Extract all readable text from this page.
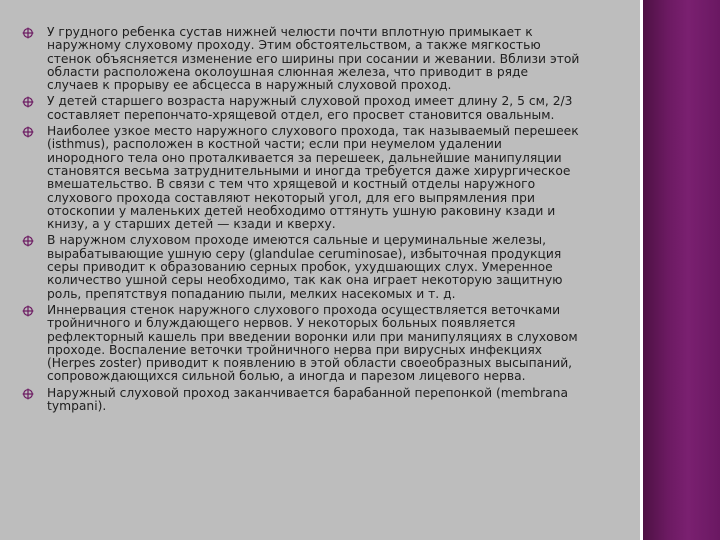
У грудного ребенка сустав нижней челюсти почти вплотную примыкает к наружному слуховому проходу. Этим обстоятельством, а также мягкостью стенок объясняется изменение его ширины при сосании и жевании. Вблизи этой области расположена околоушная слюнная железа, что приводит в ряде случаев к прорыву ее абсцесса в наружный слуховой проход.
У детей старшего возраста наружный слуховой проход имеет длину 2, 5 см, 2/3 составляет перепончато-хрящевой отдел, его просвет становится овальным.
Наиболее узкое место наружного слухового прохода, так называемый перешеек (isthmus), расположен в костной части; если при неумелом удалении инородного тела оно проталкивается за перешеек, дальнейшие манипуляции становятся весьма затруднительными и иногда требуется даже хирургическое вмешательство. В связи с тем что хрящевой и костный отделы наружного слухового прохода составляют некоторый угол, для его выпрямления при отоскопии у маленьких детей необходимо оттянуть ушную раковину кзади и книзу, а у старших детей — кзади и кверху.
В наружном слуховом проходе имеются сальные и церуминальные железы, вырабатывающие ушную серу (glandulae ceruminosae), избыточная продукция серы приводит к образованию серных пробок, ухудшающих слух. Умеренное количество ушной серы необходимо, так как она играет некоторую защитную роль, препятствуя попаданию пыли, мелких насекомых и т. д.
Иннервация стенок наружного слухового прохода осуществляется веточками тройничного и блуждающего нервов. У некоторых больных появляется рефлекторный кашель при введении воронки или при манипуляциях в слуховом проходе. Воспаление веточки тройничного нерва при вирусных инфекциях (Herpes zoster) приводит к появлению в этой области своеобразных высыпаний, сопровождающихся сильной болью, а иногда и парезом лицевого нерва.
Наружный слуховой проход заканчивается барабанной перепонкой (membrana tympani).
